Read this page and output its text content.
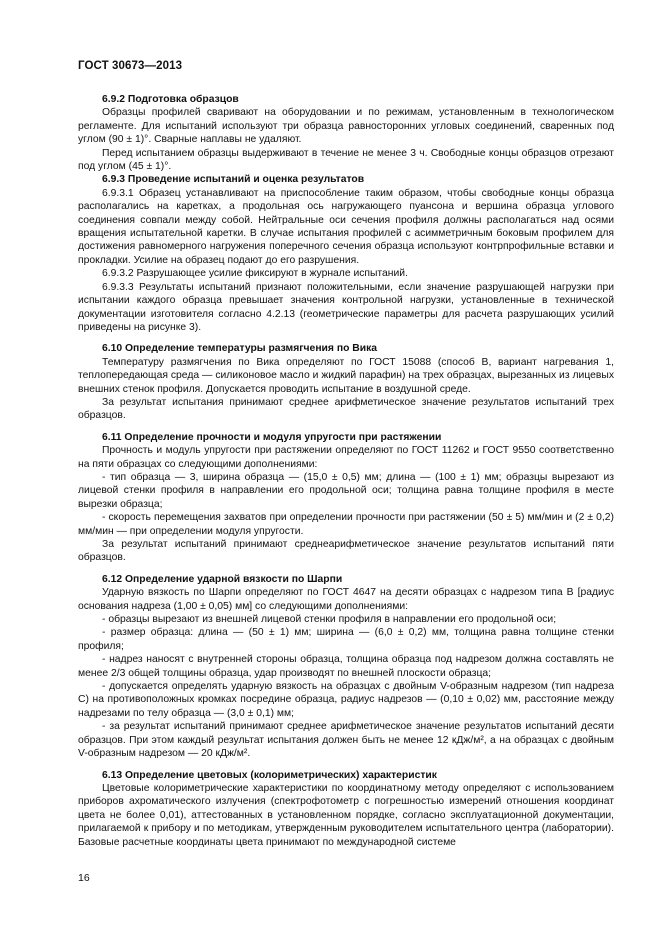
ГОСТ 30673—2013

6.9.2 Подготовка образцов

Образцы профилей сваривают на оборудовании и по режимам, установленным в технологическом регламенте. Для испытаний используют три образца равносторонних угловых соединений, сваренных под углом (90 ± 1)°. Сварные наплавы не удаляют.

Перед испытанием образцы выдерживают в течение не менее 3 ч. Свободные концы образцов отрезают под углом (45 ± 1)°.

6.9.3 Проведение испытаний и оценка результатов

6.9.3.1 Образец устанавливают на приспособление таким образом, чтобы свободные концы образца располагались на каретках, а продольная ось нагружающего пуансона и вершина образца углового соединения совпали между собой. Нейтральные оси сечения профиля должны располагаться над осями вращения испытательной каретки. В случае испытания профилей с асимметричным боковым профилем для достижения равномерного нагружения поперечного сечения образца используют контрпрофильные вставки и прокладки. Усилие на образец подают до его разрушения.

6.9.3.2 Разрушающее усилие фиксируют в журнале испытаний.

6.9.3.3 Результаты испытаний признают положительными, если значение разрушающей нагрузки при испытании каждого образца превышает значения контрольной нагрузки, установленные в технической документации изготовителя согласно 4.2.13 (геометрические параметры для расчета разрушающих усилий приведены на рисунке 3).

6.10 Определение температуры размягчения по Вика

Температуру размягчения по Вика определяют по ГОСТ 15088 (способ В, вариант нагревания 1, теплопередающая среда — силиконовое масло и жидкий парафин) на трех образцах, вырезанных из лицевых внешних стенок профиля. Допускается проводить испытание в воздушной среде.

За результат испытания принимают среднее арифметическое значение результатов испытаний трех образцов.

6.11 Определение прочности и модуля упругости при растяжении

Прочность и модуль упругости при растяжении определяют по ГОСТ 11262 и ГОСТ 9550 соответственно на пяти образцах со следующими дополнениями:

- тип образца — 3, ширина образца — (15,0 ± 0,5) мм; длина — (100 ± 1) мм; образцы вырезают из лицевой стенки профиля в направлении его продольной оси; толщина равна толщине профиля в месте вырезки образца;

- скорость перемещения захватов при определении прочности при растяжении (50 ± 5) мм/мин и (2 ± 0,2) мм/мин — при определении модуля упругости.

За результат испытаний принимают среднеарифметическое значение результатов испытаний пяти образцов.

6.12 Определение ударной вязкости по Шарпи

Ударную вязкость по Шарпи определяют по ГОСТ 4647 на десяти образцах с надрезом типа В [радиус основания надреза (1,00 ± 0,05) мм] со следующими дополнениями:

- образцы вырезают из внешней лицевой стенки профиля в направлении его продольной оси;

- размер образца: длина — (50 ± 1) мм; ширина — (6,0 ± 0,2) мм, толщина равна толщине стенки профиля;

- надрез наносят с внутренней стороны образца, толщина образца под надрезом должна составлять не менее 2/3 общей толщины образца, удар производят по внешней плоскости образца;

- допускается определять ударную вязкость на образцах с двойным V-образным надрезом (тип надреза С) на противоположных кромках посредине образца, радиус надрезов — (0,10 ± 0,02) мм, расстояние между надрезами по телу образца — (3,0 ± 0,1) мм;

- за результат испытаний принимают среднее арифметическое значение результатов испытаний десяти образцов. При этом каждый результат испытания должен быть не менее 12 кДж/м², а на образцах с двойным V-образным надрезом — 20 кДж/м².

6.13 Определение цветовых (колориметрических) характеристик

Цветовые колориметрические характеристики по координатному методу определяют с использованием приборов ахроматического излучения (спектрофотометр с погрешностью измерений отношения координат цвета не более 0,01), аттестованных в установленном порядке, согласно эксплуатационной документации, прилагаемой к прибору и по методикам, утвержденным руководителем испытательного центра (лаборатории). Базовые расчетные координаты цвета принимают по международной системе

16
